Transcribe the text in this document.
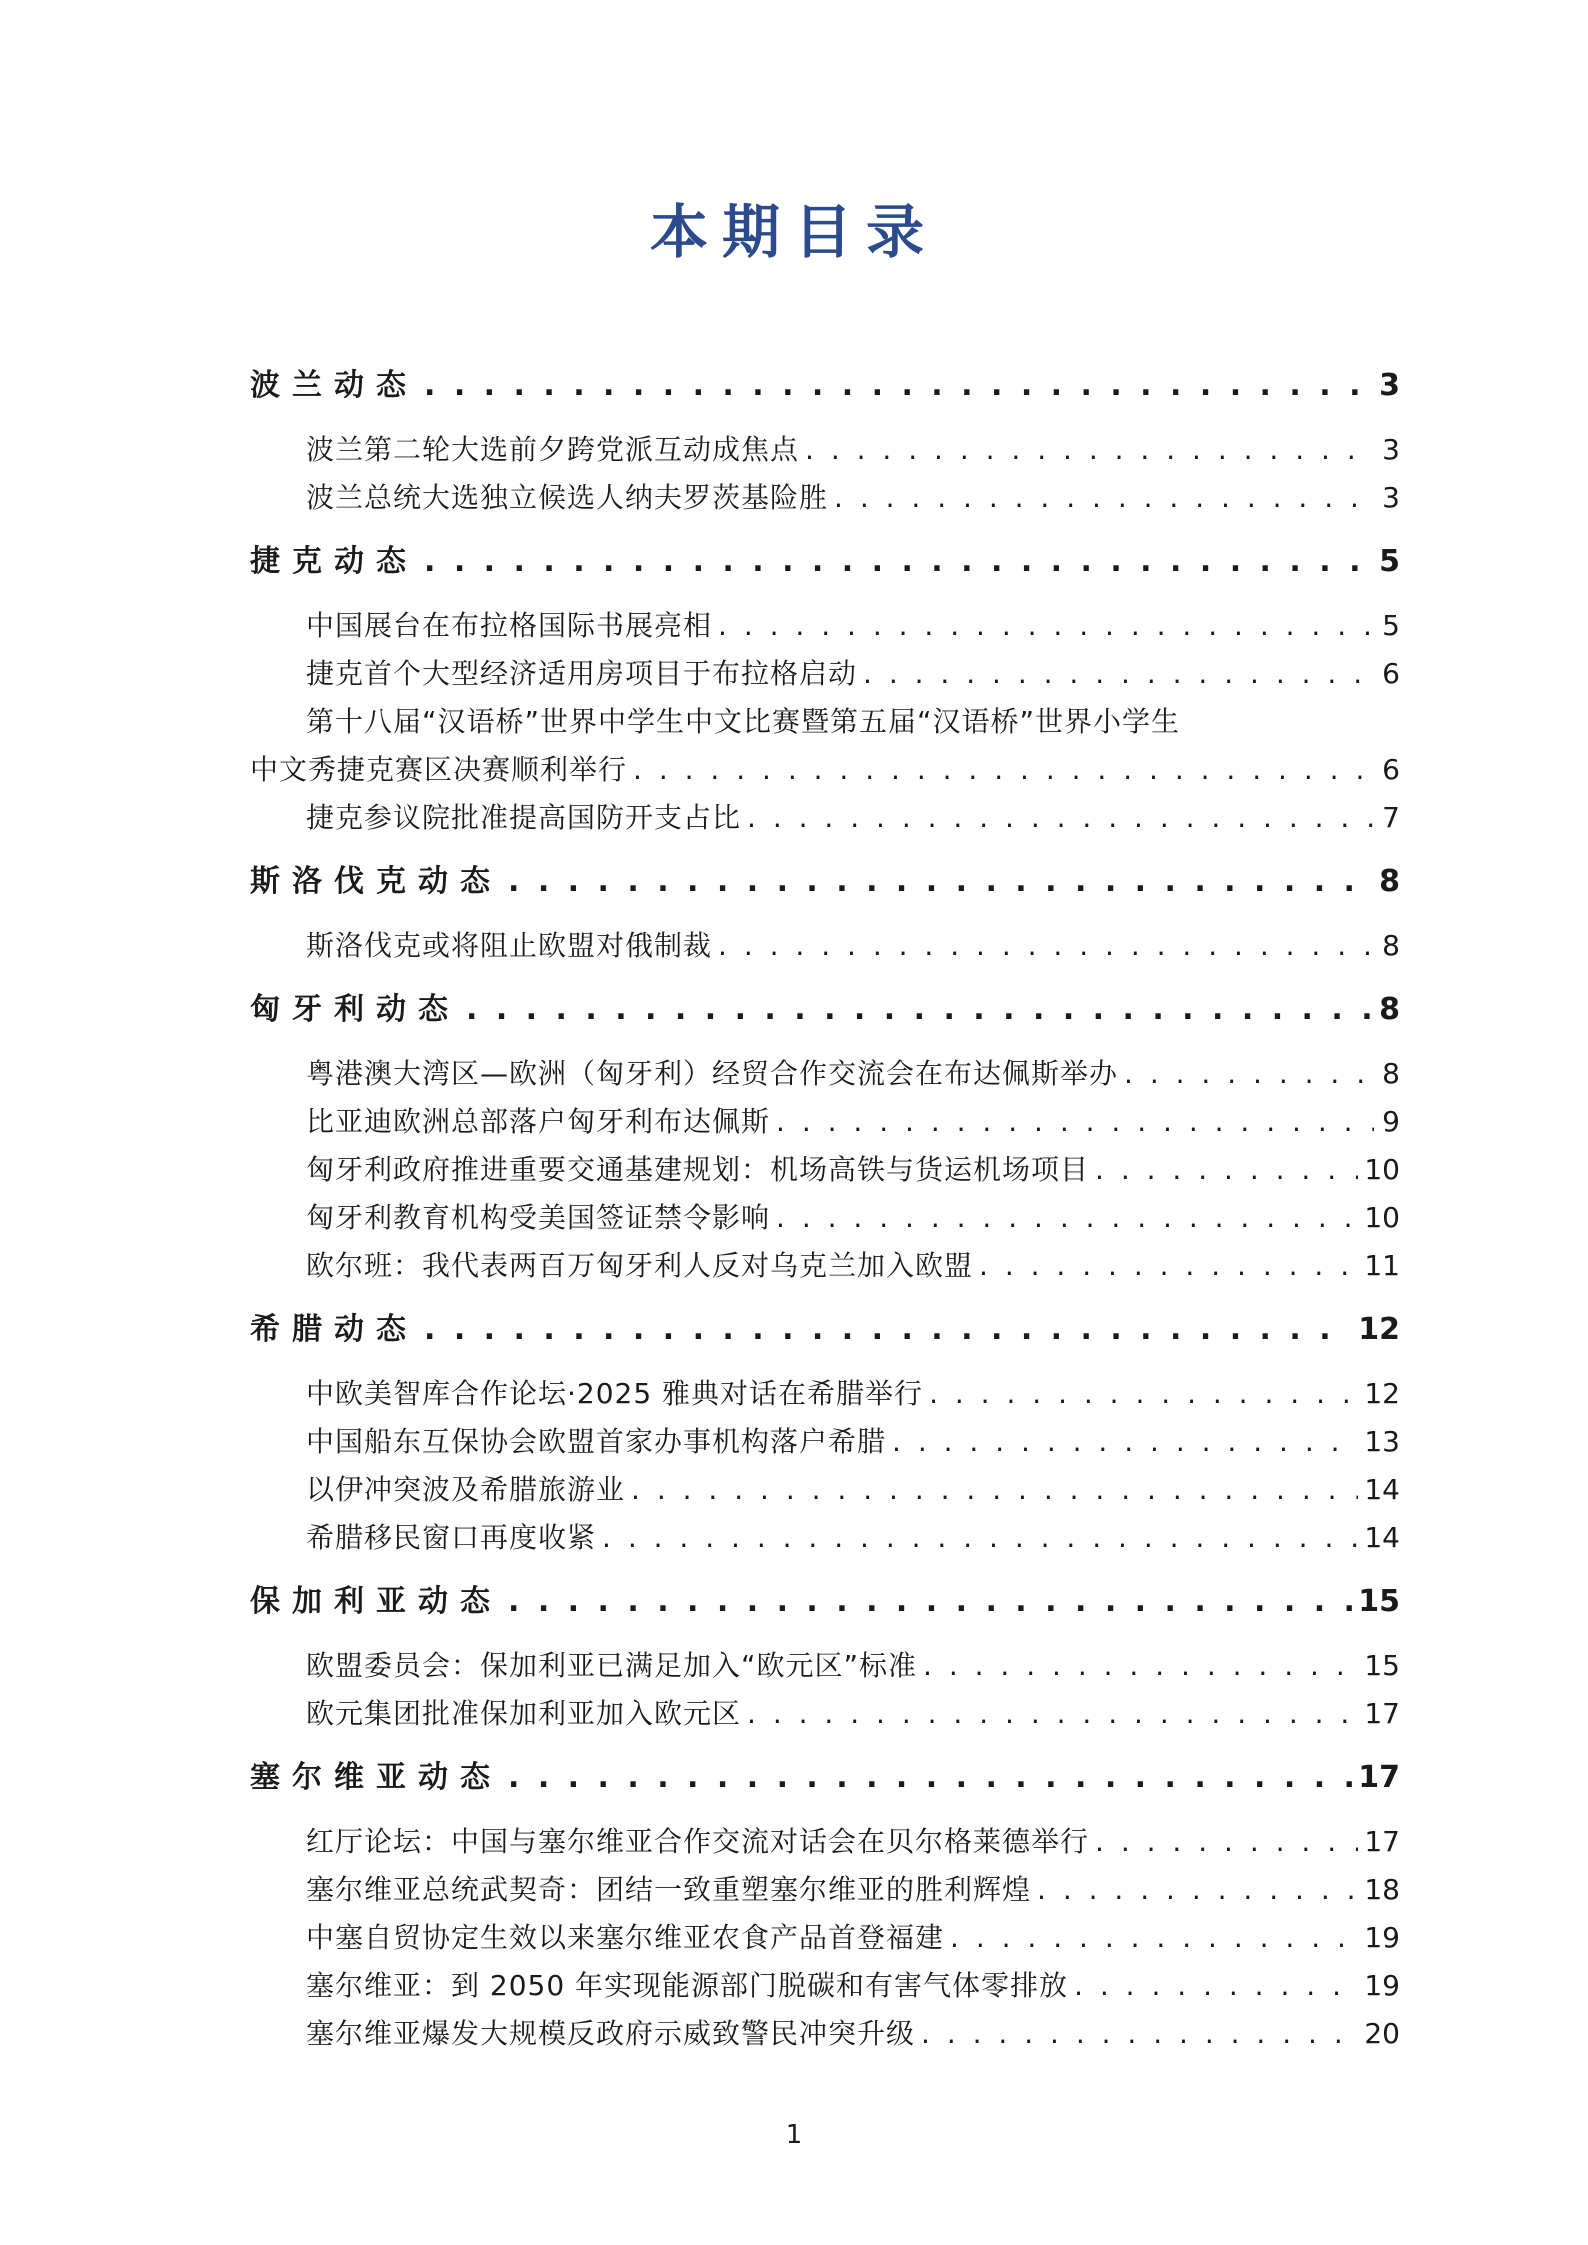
本期目录
波兰动态 . . .	3
波兰第二轮大选前夕跨党派互动成焦点 . . .	3
波兰总统大选独立候选人纳夫罗茨基险胜 . . .	3
捷克动态 . . .	5
中国展台在布拉格国际书展亮相 . . .	5
捷克首个大型经济适用房项目于布拉格启动 . . .	6
第十八届“汉语桥”世界中学生中文比赛暨第五届“汉语桥”世界小学生
中文秀捷克赛区决赛顺利举行 . . .	6
捷克参议院批准提高国防开支占比 . . .	7
斯洛伐克动态 . . .	8
斯洛伐克或将阻止欧盟对俄制裁 . . .	8
匈牙利动态 . . .	8
粤港澳大湾区—欧洲（匈牙利）经贸合作交流会在布达佩斯举办 . . .	8
比亚迪欧洲总部落户匈牙利布达佩斯 . . .	9
匈牙利政府推进重要交通基建规划：机场高铁与货运机场项目 . . .	10
匈牙利教育机构受美国签证禁令影响 . . .	10
欧尔班：我代表两百万匈牙利人反对乌克兰加入欧盟 . . .	11
希腊动态 . . .	12
中欧美智库合作论坛·2025 雅典对话在希腊举行 . . .	12
中国船东互保协会欧盟首家办事机构落户希腊 . . .	13
以伊冲突波及希腊旅游业 . . .	14
希腊移民窗口再度收紧 . . .	14
保加利亚动态 . . .	15
欧盟委员会：保加利亚已满足加入“欧元区”标准 . . .	15
欧元集团批准保加利亚加入欧元区 . . .	17
塞尔维亚动态 . . .	17
红厅论坛：中国与塞尔维亚合作交流对话会在贝尔格莱德举行 . . .	17
塞尔维亚总统武契奇：团结一致重塑塞尔维亚的胜利辉煌 . . .	18
中塞自贸协定生效以来塞尔维亚农食产品首登福建 . . .	19
塞尔维亚：到 2050 年实现能源部门脱碳和有害气体零排放 . . .	19
塞尔维亚爆发大规模反政府示威致警民冲突升级 . . .	20
1
